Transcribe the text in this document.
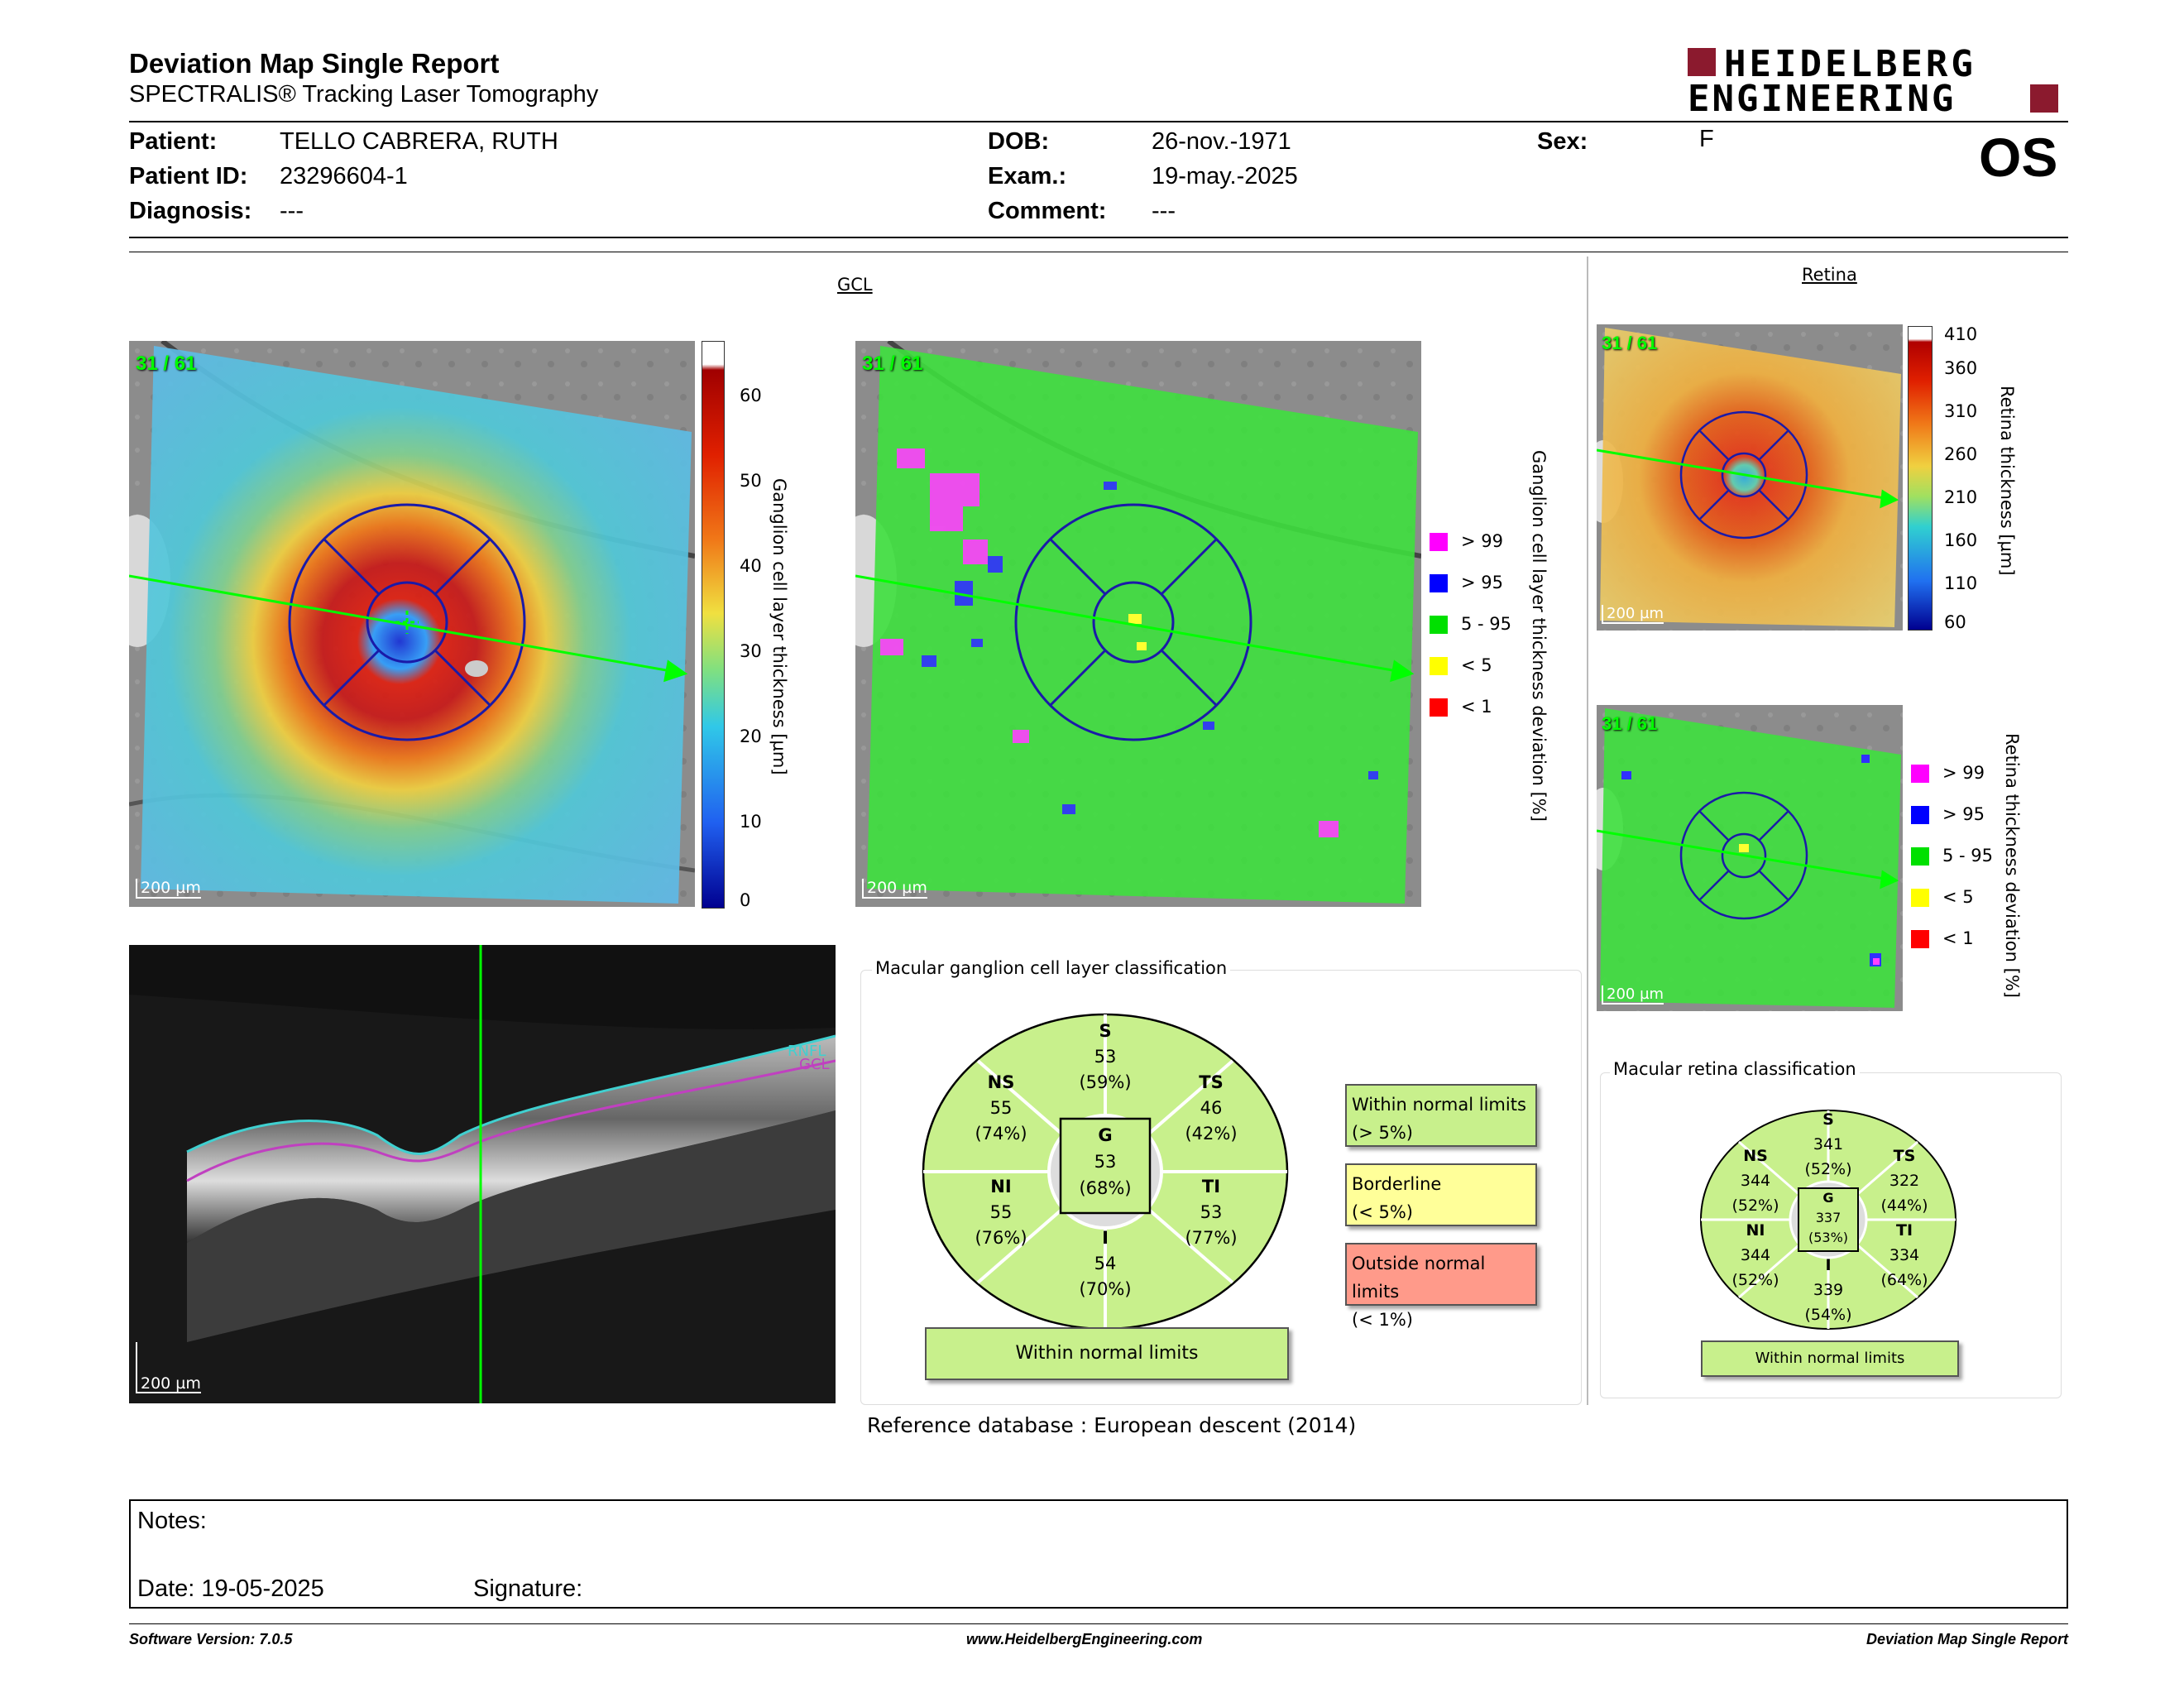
Deviation Map Single Report
SPECTRALIS® Tracking Laser Tomography
HEIDELBERG
ENGINEERING
Patient:	TELLO CABRERA, RUTH
Patient ID: 23296604-1
Diagnosis: ---
DOB:	26-nov.-1971
Exam.:	19-may.-2025
Comment: ---
Sex:	F	OS
GCL	Retina
31 / 61
200 µm
60
50
40
30
20
10
0
Ganglion cell layer thickness [µm]
31 / 61
200 µm
> 99
> 95
5 - 95
< 5
< 1 Ganglion cell layer thickness deviation [%]
RNFL
GCL
200 µm
Macular ganglion cell layer classification
S
53
(59%)
NS
55
(74%)
TS
46
(42%)
G
53
(68%)
NI
55
(76%)
TI
53
(77%)
I
54
(70%)
Within normal limits
Within normal limits
(> 5%)
Borderline
(< 5%)
Outside normal limits
(< 1%)
Reference database : European descent (2014)
31 / 61
200 µm
410
360
310
260
210
160
110
60
Retina thickness [µm]
31 / 61
200 µm
> 99
> 95
5 - 95
< 5
< 1 Retina thickness deviation [%]
Macular retina classification
S
341
(52%)
NS
344
(52%)
TS
322
(44%)
G
337
(53%)
NI
344
(52%)
TI
334
(64%)
I
339
(54%)
Within normal limits
Notes:
Date: 19-05-2025	Signature:
Software Version: 7.0.5	www.HeidelbergEngineering.com	Deviation Map Single Report
